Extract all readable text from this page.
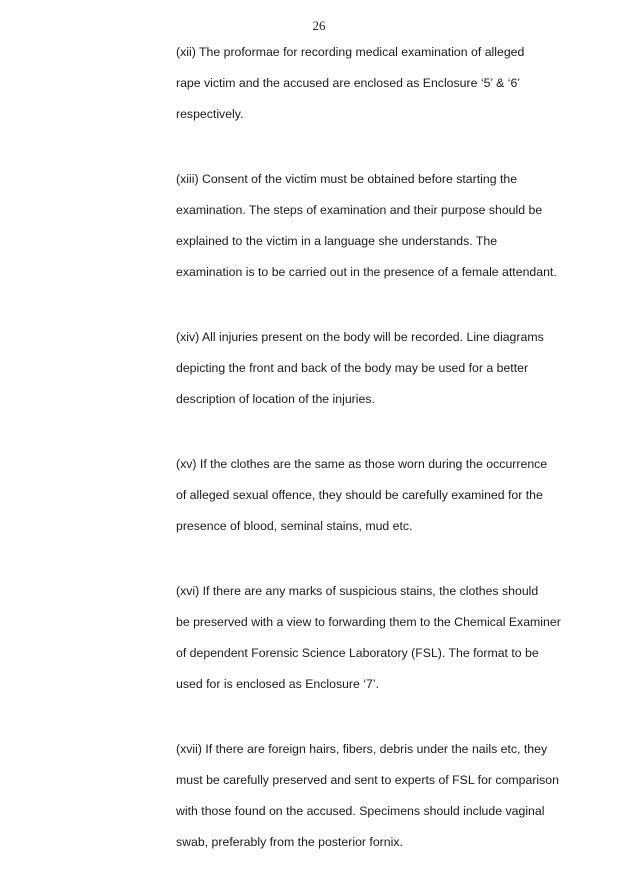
26
(xii) The proformae for recording medical examination of alleged
rape victim and the accused are enclosed as Enclosure ‘5’ & ‘6’
respectively.
(xiii) Consent of the victim must be obtained before starting the
examination. The steps of examination and their purpose should be
explained to the victim in a language she understands. The
examination is to be carried out in the presence of a female attendant.
(xiv) All injuries present on the body will be recorded. Line diagrams
depicting the front and back of the body may be used for a better
description of location of the injuries.
(xv) If the clothes are the same as those worn during the occurrence
of alleged sexual offence, they should be carefully examined for the
presence of blood, seminal stains, mud etc.
(xvi) If there are any marks of suspicious stains, the clothes should
be preserved with a view to forwarding them to the Chemical Examiner
of dependent Forensic Science Laboratory (FSL). The format to be
used for is enclosed as Enclosure ‘7’.
(xvii) If there are foreign hairs, fibers, debris under the nails etc, they
must be carefully preserved and sent to experts of FSL for comparison
with those found on the accused. Specimens should include vaginal
swab, preferably from the posterior fornix.
